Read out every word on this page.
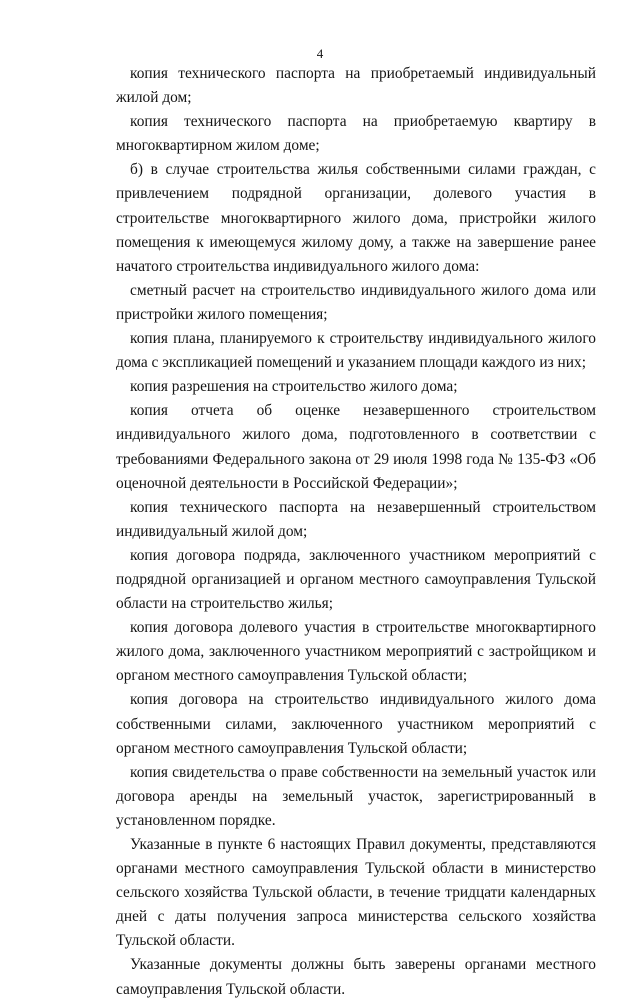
4

копия технического паспорта на приобретаемый индивидуальный жилой дом;

копия технического паспорта на приобретаемую квартиру в многоквартирном жилом доме;

б) в случае строительства жилья собственными силами граждан, с привлечением подрядной организации, долевого участия в строительстве многоквартирного жилого дома, пристройки жилого помещения к имеющемуся жилому дому, а также на завершение ранее начатого строительства индивидуального жилого дома:

сметный расчет на строительство индивидуального жилого дома или пристройки жилого помещения;

копия плана, планируемого к строительству индивидуального жилого дома с экспликацией помещений и указанием площади каждого из них;

копия разрешения на строительство жилого дома;

копия отчета об оценке незавершенного строительством индивидуального жилого дома, подготовленного в соответствии с требованиями Федерального закона от 29 июля 1998 года № 135-ФЗ «Об оценочной деятельности в Российской Федерации»;

копия технического паспорта на незавершенный строительством индивидуальный жилой дом;

копия договора подряда, заключенного участником мероприятий с подрядной организацией и органом местного самоуправления Тульской области на строительство жилья;

копия договора долевого участия в строительстве многоквартирного жилого дома, заключенного участником мероприятий с застройщиком и органом местного самоуправления Тульской области;

копия договора на строительство индивидуального жилого дома собственными силами, заключенного участником мероприятий с органом местного самоуправления Тульской области;

копия свидетельства о праве собственности на земельный участок или договора аренды на земельный участок, зарегистрированный в установленном порядке.

Указанные в пункте 6 настоящих Правил документы, представляются органами местного самоуправления Тульской области в министерство сельского хозяйства Тульской области, в течение тридцати календарных дней с даты получения запроса министерства сельского хозяйства Тульской области.

Указанные документы должны быть заверены органами местного самоуправления Тульской области.
